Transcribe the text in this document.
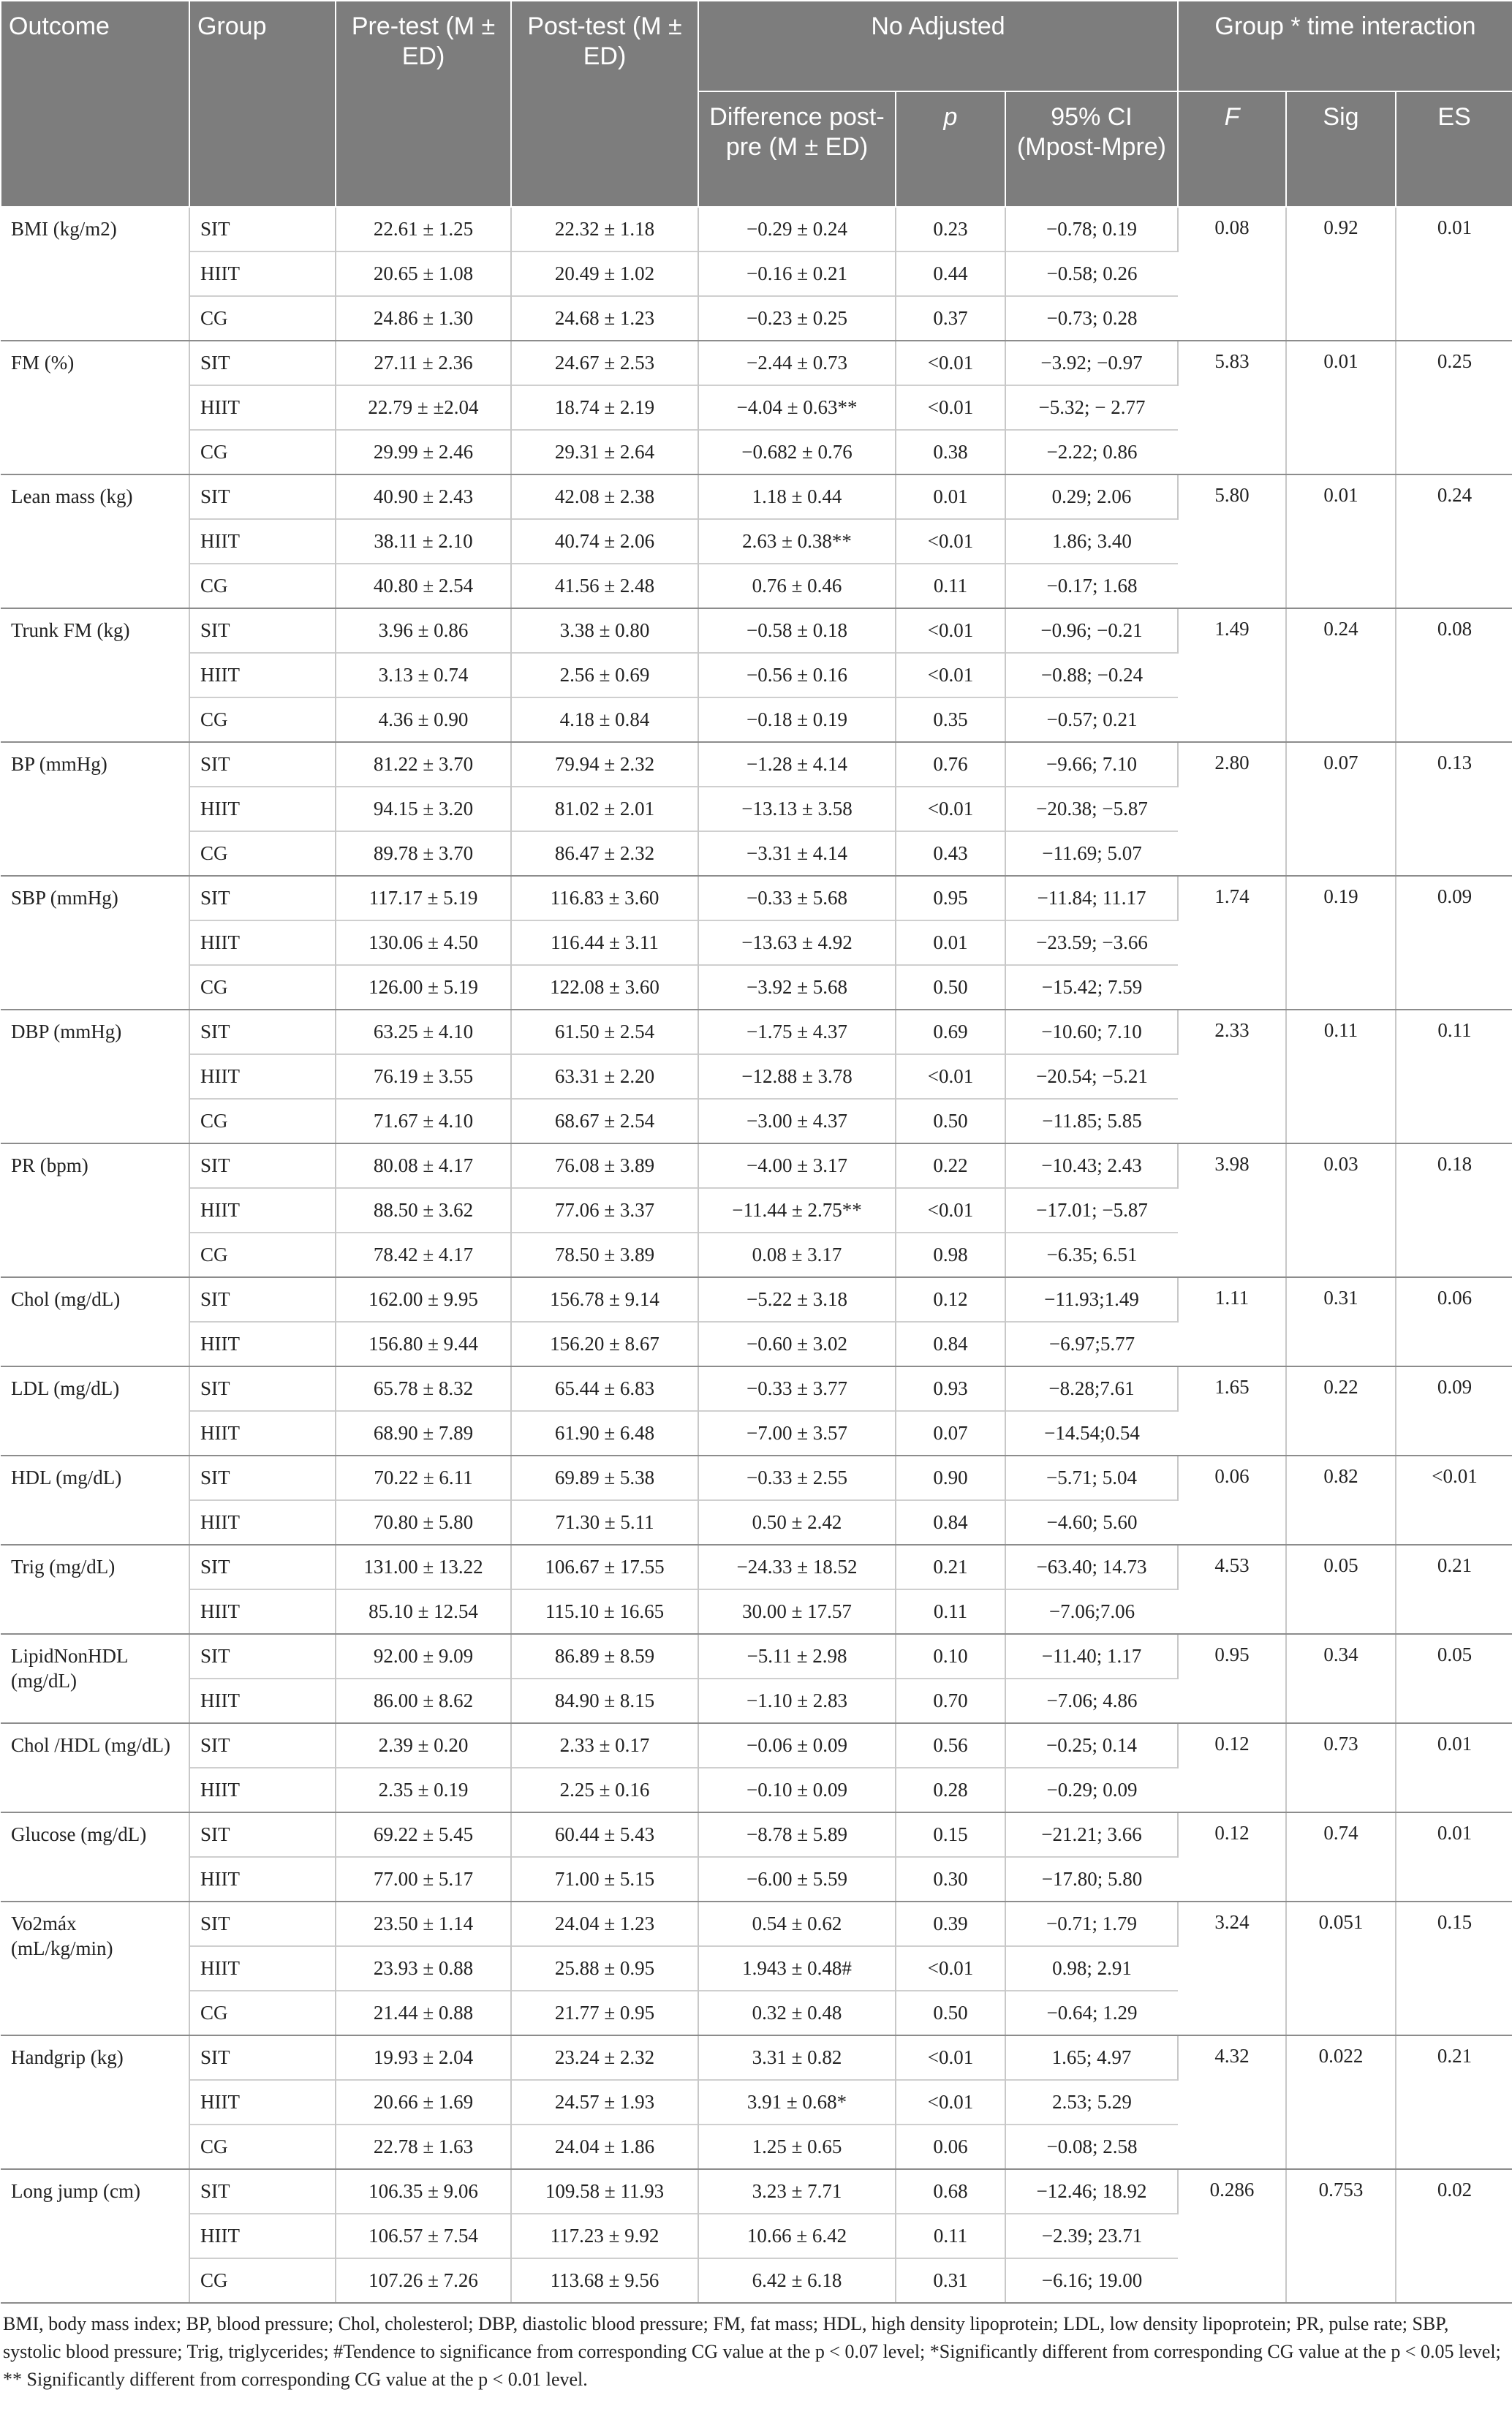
Outcome	Group	Pre-test (M ± ED)	Post-test (M ± ED)	No Adjusted			Group * time interaction		
				Difference post-pre (M ± ED)	p	95% CI (Mpost-Mpre)	F	Sig	ES
BMI (kg/m2)	SIT	22.61 ± 1.25	22.32 ± 1.18	−0.29 ± 0.24	0.23	−0.78; 0.19	0.08	0.92	0.01
	HIIT	20.65 ± 1.08	20.49 ± 1.02	−0.16 ± 0.21	0.44	−0.58; 0.26			
	CG	24.86 ± 1.30	24.68 ± 1.23	−0.23 ± 0.25	0.37	−0.73; 0.28			
FM (%)	SIT	27.11 ± 2.36	24.67 ± 2.53	−2.44 ± 0.73	<0.01	−3.92; −0.97	5.83	0.01	0.25
	HIIT	22.79 ± ±2.04	18.74 ± 2.19	−4.04 ± 0.63**	<0.01	−5.32; − 2.77			
	CG	29.99 ± 2.46	29.31 ± 2.64	−0.682 ± 0.76	0.38	−2.22; 0.86			
Lean mass (kg)	SIT	40.90 ± 2.43	42.08 ± 2.38	1.18 ± 0.44	0.01	0.29; 2.06	5.80	0.01	0.24
	HIIT	38.11 ± 2.10	40.74 ± 2.06	2.63 ± 0.38**	<0.01	1.86; 3.40			
	CG	40.80 ± 2.54	41.56 ± 2.48	0.76 ± 0.46	0.11	−0.17; 1.68			
Trunk FM (kg)	SIT	3.96 ± 0.86	3.38 ± 0.80	−0.58 ± 0.18	<0.01	−0.96; −0.21	1.49	0.24	0.08
	HIIT	3.13 ± 0.74	2.56 ± 0.69	−0.56 ± 0.16	<0.01	−0.88; −0.24			
	CG	4.36 ± 0.90	4.18 ± 0.84	−0.18 ± 0.19	0.35	−0.57; 0.21			
BP (mmHg)	SIT	81.22 ± 3.70	79.94 ± 2.32	−1.28 ± 4.14	0.76	−9.66; 7.10	2.80	0.07	0.13
	HIIT	94.15 ± 3.20	81.02 ± 2.01	−13.13 ± 3.58	<0.01	−20.38; −5.87			
	CG	89.78 ± 3.70	86.47 ± 2.32	−3.31 ± 4.14	0.43	−11.69; 5.07			
SBP (mmHg)	SIT	117.17 ± 5.19	116.83 ± 3.60	−0.33 ± 5.68	0.95	−11.84; 11.17	1.74	0.19	0.09
	HIIT	130.06 ± 4.50	116.44 ± 3.11	−13.63 ± 4.92	0.01	−23.59; −3.66			
	CG	126.00 ± 5.19	122.08 ± 3.60	−3.92 ± 5.68	0.50	−15.42; 7.59			
DBP (mmHg)	SIT	63.25 ± 4.10	61.50 ± 2.54	−1.75 ± 4.37	0.69	−10.60; 7.10	2.33	0.11	0.11
	HIIT	76.19 ± 3.55	63.31 ± 2.20	−12.88 ± 3.78	<0.01	−20.54; −5.21			
	CG	71.67 ± 4.10	68.67 ± 2.54	−3.00 ± 4.37	0.50	−11.85; 5.85			
PR (bpm)	SIT	80.08 ± 4.17	76.08 ± 3.89	−4.00 ± 3.17	0.22	−10.43; 2.43	3.98	0.03	0.18
	HIIT	88.50 ± 3.62	77.06 ± 3.37	−11.44 ± 2.75**	<0.01	−17.01; −5.87			
	CG	78.42 ± 4.17	78.50 ± 3.89	0.08 ± 3.17	0.98	−6.35; 6.51			
Chol (mg/dL)	SIT	162.00 ± 9.95	156.78 ± 9.14	−5.22 ± 3.18	0.12	−11.93;1.49	1.11	0.31	0.06
	HIIT	156.80 ± 9.44	156.20 ± 8.67	−0.60 ± 3.02	0.84	−6.97;5.77			
LDL (mg/dL)	SIT	65.78 ± 8.32	65.44 ± 6.83	−0.33 ± 3.77	0.93	−8.28;7.61	1.65	0.22	0.09
	HIIT	68.90 ± 7.89	61.90 ± 6.48	−7.00 ± 3.57	0.07	−14.54;0.54			
HDL (mg/dL)	SIT	70.22 ± 6.11	69.89 ± 5.38	−0.33 ± 2.55	0.90	−5.71; 5.04	0.06	0.82	<0.01
	HIIT	70.80 ± 5.80	71.30 ± 5.11	0.50 ± 2.42	0.84	−4.60; 5.60			
Trig (mg/dL)	SIT	131.00 ± 13.22	106.67 ± 17.55	−24.33 ± 18.52	0.21	−63.40; 14.73	4.53	0.05	0.21
	HIIT	85.10 ± 12.54	115.10 ± 16.65	30.00 ± 17.57	0.11	−7.06;7.06			
LipidNonHDL (mg/dL)	SIT	92.00 ± 9.09	86.89 ± 8.59	−5.11 ± 2.98	0.10	−11.40; 1.17	0.95	0.34	0.05
	HIIT	86.00 ± 8.62	84.90 ± 8.15	−1.10 ± 2.83	0.70	−7.06; 4.86			
Chol /HDL (mg/dL)	SIT	2.39 ± 0.20	2.33 ± 0.17	−0.06 ± 0.09	0.56	−0.25; 0.14	0.12	0.73	0.01
	HIIT	2.35 ± 0.19	2.25 ± 0.16	−0.10 ± 0.09	0.28	−0.29; 0.09			
Glucose (mg/dL)	SIT	69.22 ± 5.45	60.44 ± 5.43	−8.78 ± 5.89	0.15	−21.21; 3.66	0.12	0.74	0.01
	HIIT	77.00 ± 5.17	71.00 ± 5.15	−6.00 ± 5.59	0.30	−17.80; 5.80			
Vo2máx (mL/kg/min)	SIT	23.50 ± 1.14	24.04 ± 1.23	0.54 ± 0.62	0.39	−0.71; 1.79	3.24	0.051	0.15
	HIIT	23.93 ± 0.88	25.88 ± 0.95	1.943 ± 0.48#	<0.01	0.98; 2.91			
	CG	21.44 ± 0.88	21.77 ± 0.95	0.32 ± 0.48	0.50	−0.64; 1.29			
Handgrip (kg)	SIT	19.93 ± 2.04	23.24 ± 2.32	3.31 ± 0.82	<0.01	1.65; 4.97	4.32	0.022	0.21
	HIIT	20.66 ± 1.69	24.57 ± 1.93	3.91 ± 0.68*	<0.01	2.53; 5.29			
	CG	22.78 ± 1.63	24.04 ± 1.86	1.25 ± 0.65	0.06	−0.08; 2.58			
Long jump (cm)	SIT	106.35 ± 9.06	109.58 ± 11.93	3.23 ± 7.71	0.68	−12.46; 18.92	0.286	0.753	0.02
	HIIT	106.57 ± 7.54	117.23 ± 9.92	10.66 ± 6.42	0.11	−2.39; 23.71			
	CG	107.26 ± 7.26	113.68 ± 9.56	6.42 ± 6.18	0.31	−6.16; 19.00			
BMI, body mass index; BP, blood pressure; Chol, cholesterol; DBP, diastolic blood pressure; FM, fat mass; HDL, high density lipoprotein; LDL, low density lipoprotein; PR, pulse rate; SBP, systolic blood pressure; Trig, triglycerides; #Tendence to significance from corresponding CG value at the p < 0.07 level; *Significantly different from corresponding CG value at the p < 0.05 level; ** Significantly different from corresponding CG value at the p < 0.01 level.
